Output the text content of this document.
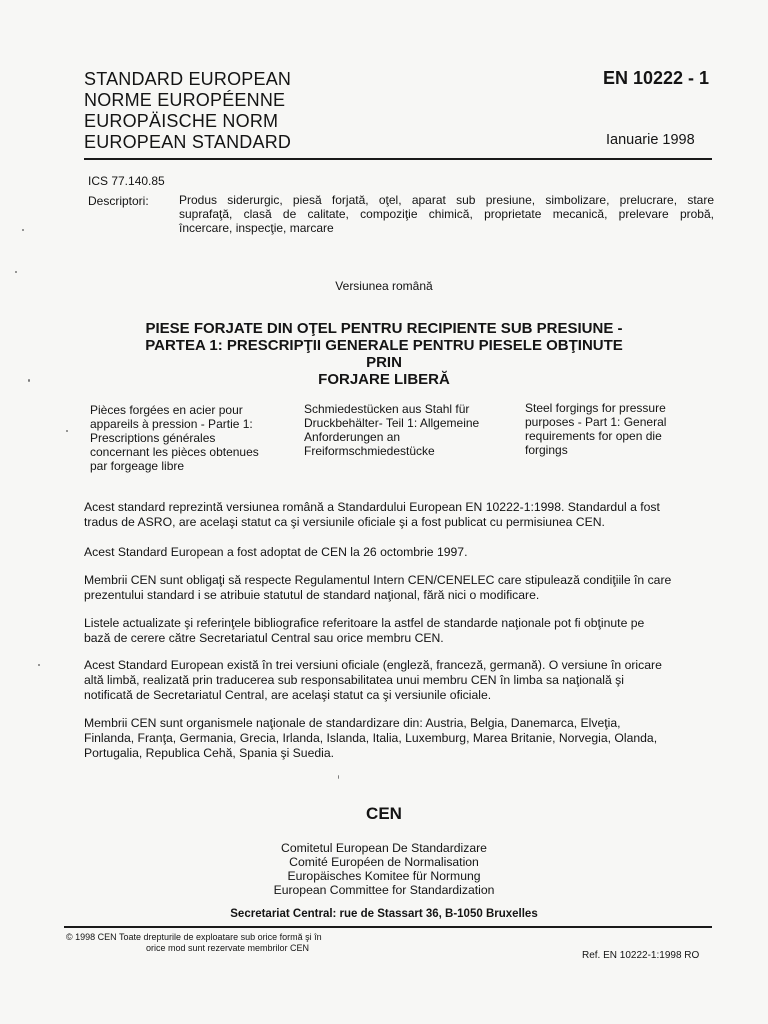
STANDARD EUROPEAN
NORME EUROPÉENNE
EUROPÄISCHE NORM
EUROPEAN STANDARD
EN 10222 - 1
Ianuarie 1998
ICS 77.140.85
Descriptori:	Produs siderurgic, piesă forjată, oţel, aparat sub presiune, simbolizare, prelucrare, stare
suprafaţă, clasă de calitate, compoziţie chimică, proprietate mecanică, prelevare probă,
încercare, inspecţie, marcare
Versiunea română
PIESE FORJATE DIN OŢEL PENTRU RECIPIENTE SUB PRESIUNE -
PARTEA 1: PRESCRIPŢII GENERALE PENTRU PIESELE OBŢINUTE PRIN
FORJARE LIBERĂ
Pièces forgées en acier pour
appareils à pression - Partie 1:
Prescriptions générales
concernant les pièces obtenues
par forgeage libre
Schmiedestücken aus Stahl für
Druckbehälter- Teil 1: Allgemeine
Anforderungen an
Freiformschmiedestücke
Steel forgings for pressure
purposes - Part 1: General
requirements for open die
forgings
Acest standard reprezintă versiunea română a Standardului European EN 10222-1:1998. Standardul a fost
tradus de ASRO, are acelaşi statut ca şi versiunile oficiale şi a fost publicat cu permisiunea CEN.
Acest Standard European a fost adoptat de CEN la 26 octombrie 1997.
Membrii CEN sunt obligaţi să respecte Regulamentul Intern CEN/CENELEC care stipulează condiţiile în care
prezentului standard i se atribuie statutul de standard naţional, fără nici o modificare.
Listele actualizate şi referinţele bibliografice referitoare la astfel de standarde naţionale pot fi obţinute pe
bază de cerere către Secretariatul Central sau orice membru CEN.
Acest Standard European există în trei versiuni oficiale (engleză, franceză, germană). O versiune în oricare
altă limbă, realizată prin traducerea sub responsabilitatea unui membru CEN în limba sa naţională şi
notificată de Secretariatul Central, are acelaşi statut ca şi versiunile oficiale.
Membrii CEN sunt organismele naţionale de standardizare din: Austria, Belgia, Danemarca, Elveţia,
Finlanda, Franţa, Germania, Grecia, Irlanda, Islanda, Italia, Luxemburg, Marea Britanie, Norvegia, Olanda,
Portugalia, Republica Cehă, Spania şi Suedia.
CEN
Comitetul European De Standardizare
Comité Européen de Normalisation
Europäisches Komitee für Normung
European Committee for Standardization
Secretariat Central: rue de Stassart 36, B-1050 Bruxelles
© 1998 CEN Toate drepturile de exploatare sub orice formă şi în
orice mod sunt rezervate membrilor CEN
Ref. EN 10222-1:1998 RO
